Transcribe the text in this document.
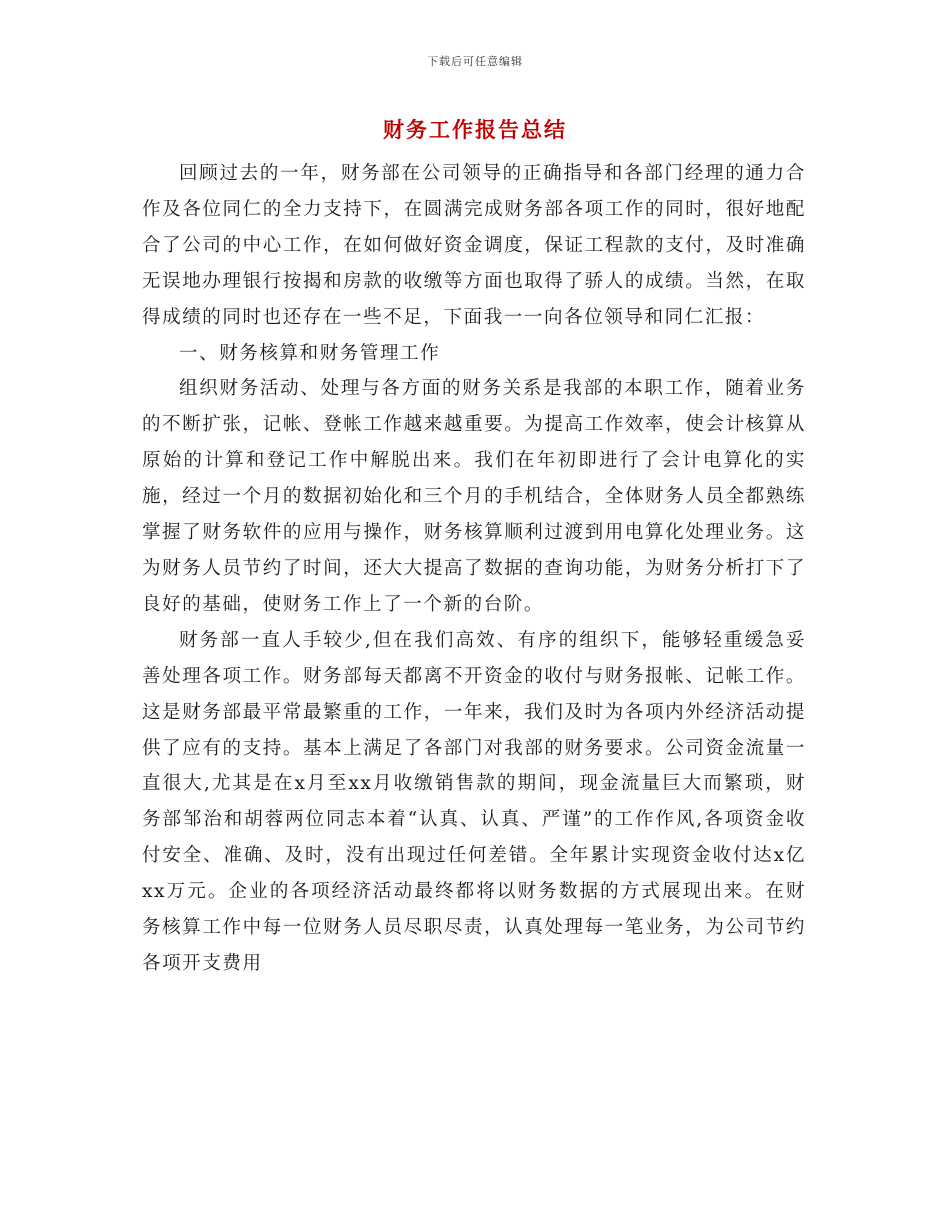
下载后可任意编辑
财务工作报告总结

回顾过去的一年，财务部在公司领导的正确指导和各部门经理的通力合作及各位同仁的全力支持下，在圆满完成财务部各项工作的同时，很好地配合了公司的中心工作，在如何做好资金调度，保证工程款的支付，及时准确无误地办理银行按揭和房款的收缴等方面也取得了骄人的成绩。当然，在取得成绩的同时也还存在一些不足，下面我一一向各位领导和同仁汇报：

一、财务核算和财务管理工作

组织财务活动、处理与各方面的财务关系是我部的本职工作，随着业务的不断扩张，记帐、登帐工作越来越重要。为提高工作效率，使会计核算从原始的计算和登记工作中解脱出来。我们在年初即进行了会计电算化的实施，经过一个月的数据初始化和三个月的手机结合，全体财务人员全都熟练掌握了财务软件的应用与操作，财务核算顺利过渡到用电算化处理业务。这为财务人员节约了时间，还大大提高了数据的查询功能，为财务分析打下了良好的基础，使财务工作上了一个新的台阶。

财务部一直人手较少,但在我们高效、有序的组织下，能够轻重缓急妥善处理各项工作。财务部每天都离不开资金的收付与财务报帐、记帐工作。这是财务部最平常最繁重的工作，一年来，我们及时为各项内外经济活动提供了应有的支持。基本上满足了各部门对我部的财务要求。公司资金流量一直很大,尤其是在x月至xx月收缴销售款的期间，现金流量巨大而繁琐，财务部邹治和胡蓉两位同志本着“认真、认真、严谨”的工作作风,各项资金收付安全、准确、及时，没有出现过任何差错。全年累计实现资金收付达x亿xx万元。企业的各项经济活动最终都将以财务数据的方式展现出来。在财务核算工作中每一位财务人员尽职尽责，认真处理每一笔业务，为公司节约各项开支费用
